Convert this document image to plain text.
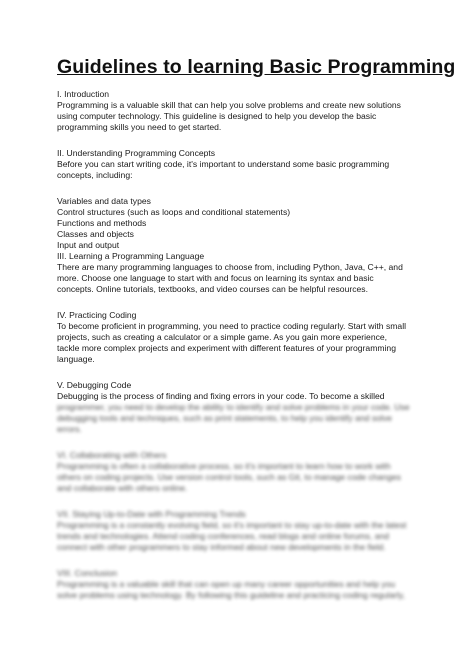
Guidelines to learning Basic Programming
I. Introduction
Programming is a valuable skill that can help you solve problems and create new solutions
using computer technology. This guideline is designed to help you develop the basic
programming skills you need to get started.
II. Understanding Programming Concepts
Before you can start writing code, it's important to understand some basic programming
concepts, including:
Variables and data types
Control structures (such as loops and conditional statements)
Functions and methods
Classes and objects
Input and output
III. Learning a Programming Language
There are many programming languages to choose from, including Python, Java, C++, and
more. Choose one language to start with and focus on learning its syntax and basic
concepts. Online tutorials, textbooks, and video courses can be helpful resources.
IV. Practicing Coding
To become proficient in programming, you need to practice coding regularly. Start with small
projects, such as creating a calculator or a simple game. As you gain more experience,
tackle more complex projects and experiment with different features of your programming
language.
V. Debugging Code
Debugging is the process of finding and fixing errors in your code. To become a skilled
programmer, you need to develop the ability to identify and solve problems in your code. Use
debugging tools and techniques, such as print statements, to help you identify and solve
errors.
VI. Collaborating with Others
Programming is often a collaborative process, so it's important to learn how to work with
others on coding projects. Use version control tools, such as Git, to manage code changes
and collaborate with others online.
VII. Staying Up-to-Date with Programming Trends
Programming is a constantly evolving field, so it's important to stay up-to-date with the latest
trends and technologies. Attend coding conferences, read blogs and online forums, and
connect with other programmers to stay informed about new developments in the field.
VIII. Conclusion
Programming is a valuable skill that can open up many career opportunities and help you
solve problems using technology. By following this guideline and practicing coding regularly,
